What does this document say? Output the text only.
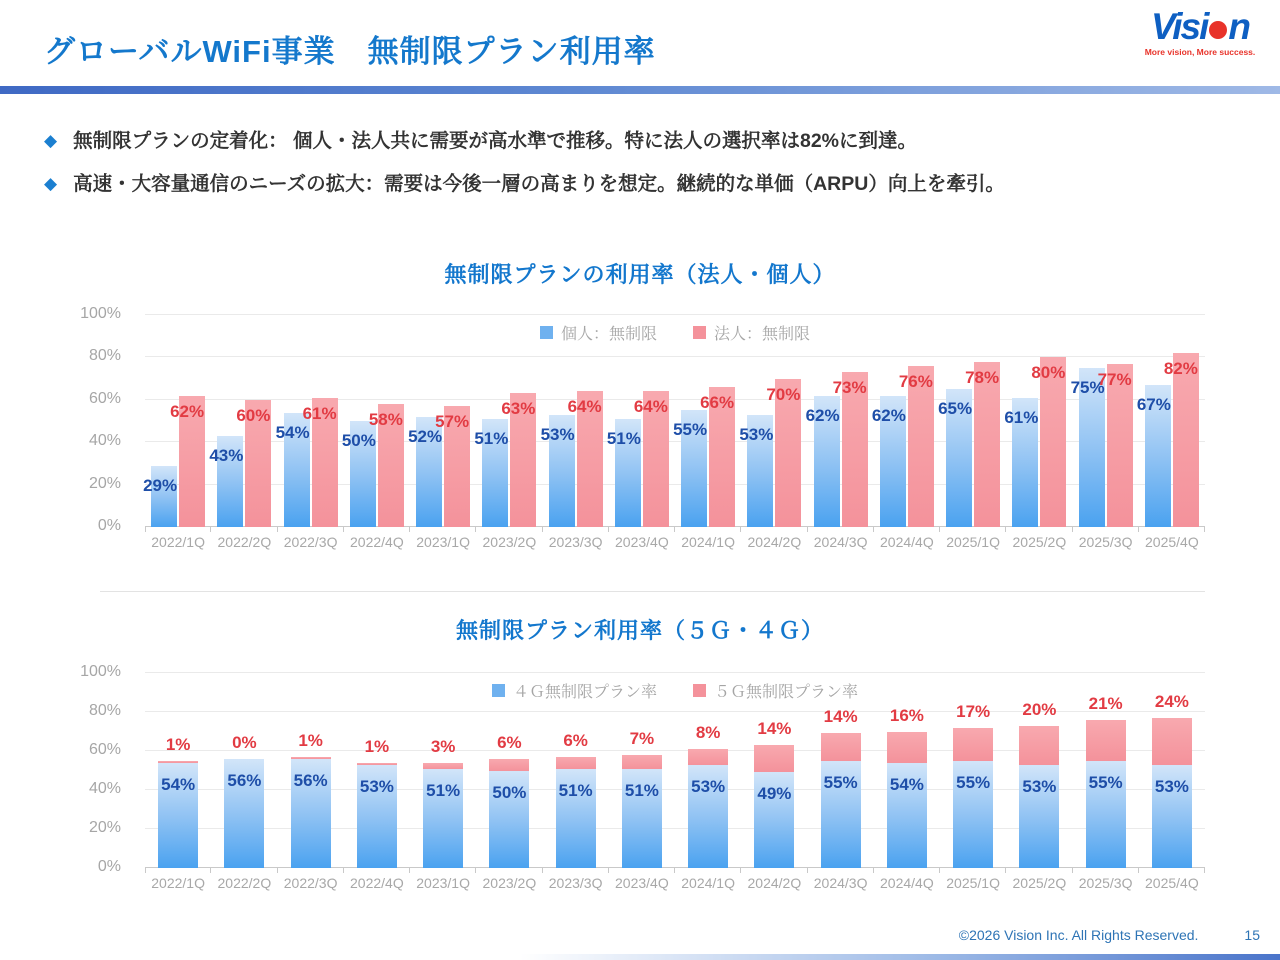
グローバルWiFi事業　無制限プラン利用率
Visi n
More vision, More success.
◆ 無制限プランの定着化： 個人・法人共に需要が高水準で推移。特に法人の選択率は82%に到達。
◆ 高速・大容量通信のニーズの拡大：需要は今後一層の高まりを想定。継続的な単価（ARPU）向上を牽引。
無制限プランの利用率（法人・個人）
0%
20%
40%
60%
80%
100%
個人：無制限	法人：無制限
29%
62%
43%
60%
54%
61%
50%
58%
52%
57%
51%
63%
53%
64%
51%
64%
55%
66%
53%
70%
62%
73%
62%
76%
65%
78%
61%
80%
75%
77%
67%
82%
2022/1Q 2022/2Q 2022/3Q 2022/4Q 2023/1Q 2023/2Q 2023/3Q 2023/4Q 2024/1Q 2024/2Q 2024/3Q 2024/4Q 2025/1Q 2025/2Q 2025/3Q 2025/4Q
無制限プラン利用率（５Ｇ・４Ｇ）
0%
20%
40%
60%
80%
100%
４Ｇ無制限プラン率	５Ｇ無制限プラン率
54%
1%
56%
0%
56%
1%
53%
1%
51%
3%
50%
6%
51%
6%
51%
7%
53%
8%
49%
14%
55%
14%
54%
16%
55%
17%
53%
20%
55%
21%
53%
24%
2022/1Q 2022/2Q 2022/3Q 2022/4Q 2023/1Q 2023/2Q 2023/3Q 2023/4Q 2024/1Q 2024/2Q 2024/3Q 2024/4Q 2025/1Q 2025/2Q 2025/3Q 2025/4Q
©2026 Vision Inc. All Rights Reserved.	15
